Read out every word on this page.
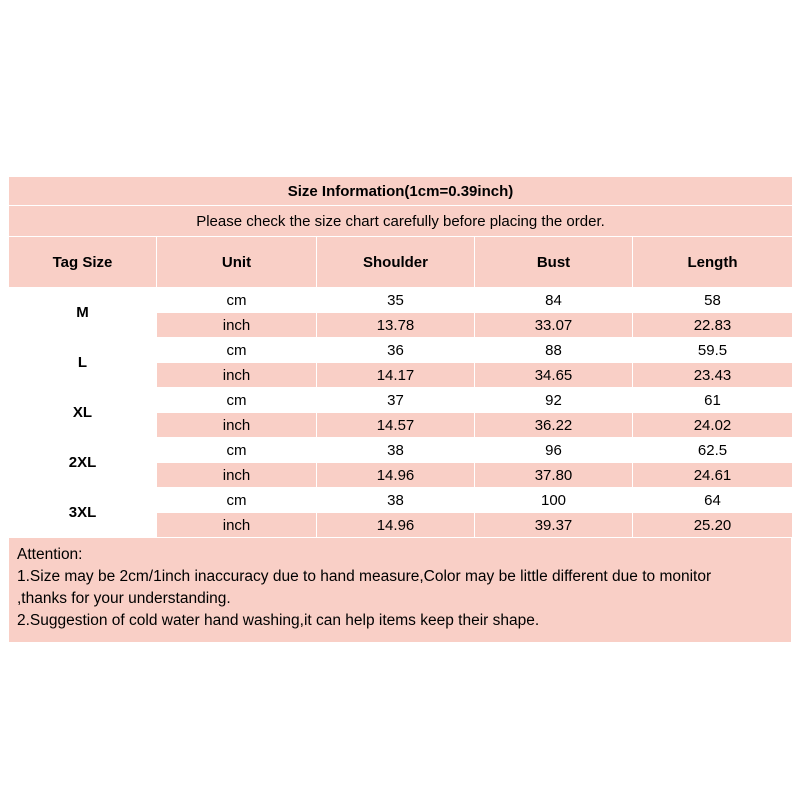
Size Information(1cm=0.39inch)				
Please check the size chart carefully before placing the order.				
Tag Size	Unit	Shoulder	Bust	Length
M	cm	35	84	58
	inch	13.78	33.07	22.83
L	cm	36	88	59.5
	inch	14.17	34.65	23.43
XL	cm	37	92	61
	inch	14.57	36.22	24.02
2XL	cm	38	96	62.5
	inch	14.96	37.80	24.61
3XL	cm	38	100	64
	inch	14.96	39.37	25.20
Attention:
1.Size may be 2cm/1inch inaccuracy due to hand measure,Color may be little different due to monitor
,thanks for your understanding.
2.Suggestion of cold water hand washing,it can help items keep their shape.
